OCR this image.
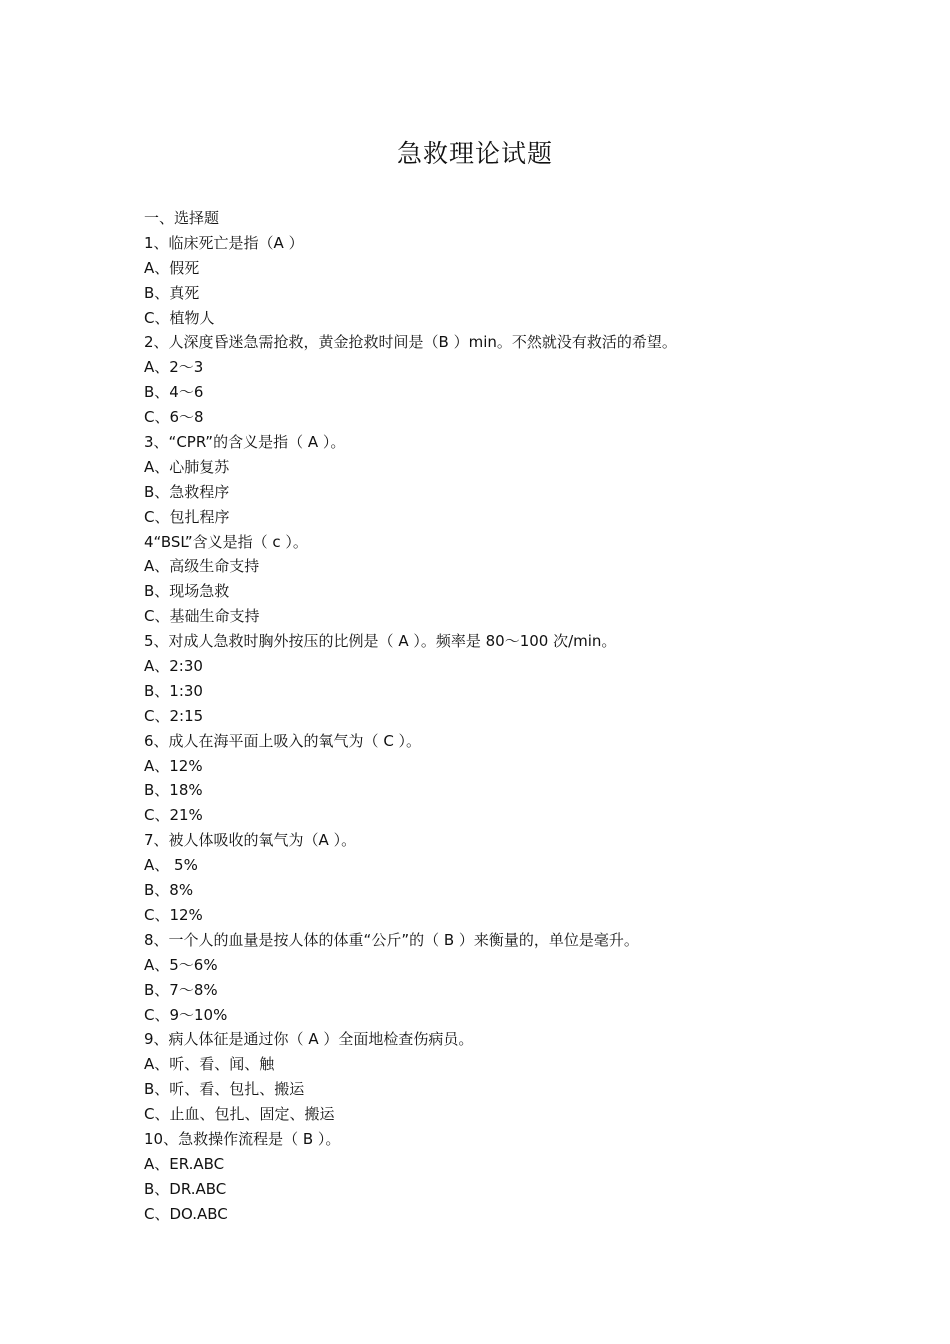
急救理论试题
一、选择题
1、临床死亡是指（A ）
A、假死
B、真死
C、植物人
2、人深度昏迷急需抢救，黄金抢救时间是（B ）min。不然就没有救活的希望。
A、2～3
B、4～6
C、6～8
3、“CPR”的含义是指（ A ）。
A、心肺复苏
B、急救程序
C、包扎程序
4“BSL”含义是指（ c ）。
A、高级生命支持
B、现场急救
C、基础生命支持
5、对成人急救时胸外按压的比例是（ A ）。频率是 80～100 次/min。
A、2:30
B、1:30
C、2:15
6、成人在海平面上吸入的氧气为（ C ）。
A、12%
B、18%
C、21%
7、被人体吸收的氧气为（A ）。
A、 5%
B、8%
C、12%
8、一个人的血量是按人体的体重“公斤”的（ B ）来衡量的，单位是毫升。
A、5～6%
B、7～8%
C、9～10%
9、病人体征是通过你（ A ）全面地检查伤病员。
A、听、看、闻、触
B、听、看、包扎、搬运
C、止血、包扎、固定、搬运
10、急救操作流程是（ B ）。
A、ER.ABC
B、DR.ABC
C、DO.ABC
